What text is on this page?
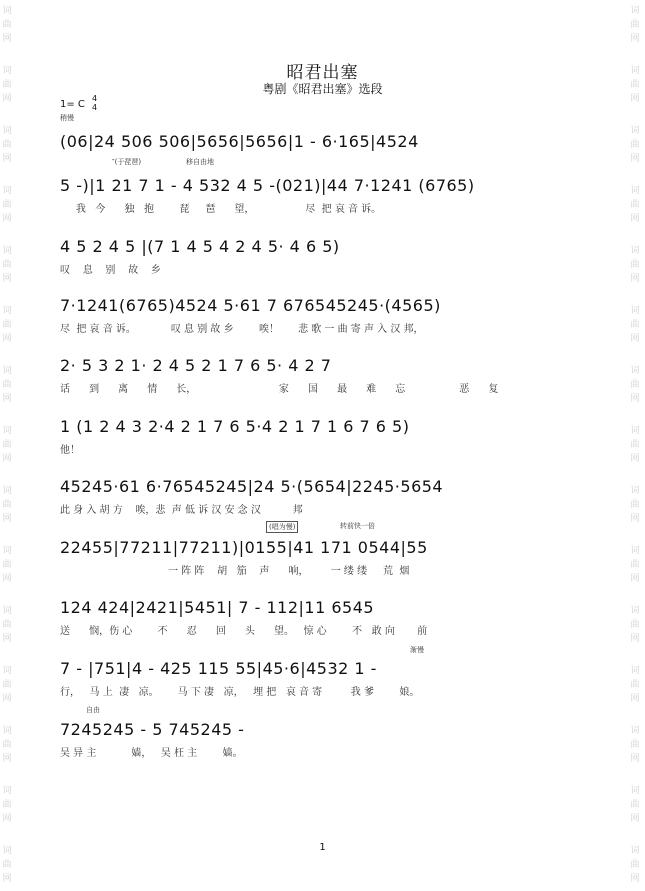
词
曲
网
词
曲
网
词
曲
网
词
曲
网
词
曲
网
词
曲
网
词
曲
网
词
曲
网
词
曲
网
词
曲
网
词
曲
网
词
曲
网
词
曲
网
词
曲
网
词
曲
网
词
曲
网
词
曲
网
词
曲
网
词
曲
网
词
曲
网
词
曲
网
词
曲
网
词
曲
网
词
曲
网
词
曲
网
词
曲
网
词
曲
网
词
曲
网
词
曲
网
词
曲
网
昭君出塞
粤剧《昭君出塞》选段
1= C
4
4
稍慢
(06|24 506 506|5656|5656|1 - 6·165|4524
″(于琵琶)	移自由地
5 -)|1 21 7 1 - 4 532 4 5 -(021)|44 7·1241 (6765)
我   今      独   抱        琵     琶      望，                尽  把 哀 音 诉。
4 5 2 4 5 |(7 1 4 5 4 2 4 5· 4 6 5)
叹    息    别    故    乡
7·1241(6765)4524 5·61 7 676545245·(4565)
尽  把 哀 音 诉。           叹 息 别 故 乡        唉！      悲 歌 一 曲 寄 声 入 汉 邦，
2· 5 3 2 1· 2 4 5 2 1 7 6 5· 4 2 7
话      到      离      情      长，                          家      国      最      难      忘                 恶      复
1 (1 2 4 3 2·4 2 1 7 6 5·4 2 1 7 1 6 7 6 5)
他！
45245·61 6·76545245|24 5·(5654|2245·5654
此 身 入 胡 方    唉，悲  声 低 诉 汉 安 念 汉          邦
(唱为慢)	转前快一倍
22455|77211|77211)|0155|41 171 0544|55
一 阵 阵    胡   笳    声      响，       一 缕 缕     荒  烟
124 424|2421|5451| 7 - 112|11 6545
送      悯，伤 心        不      忍      回      头      望。   惊 心        不   敢 向       前
渐慢
7 - |751|4 - 425 115 55|45·6|4532 1 -
行，   马 上  凄   凉。      马 下 凄   凉，   埋 把   哀 音 寄         我 爹        娘。
自由
7245245 - 5 745245 -
吴 异 主           嫱，   吴 枉 主        嫱。
1
